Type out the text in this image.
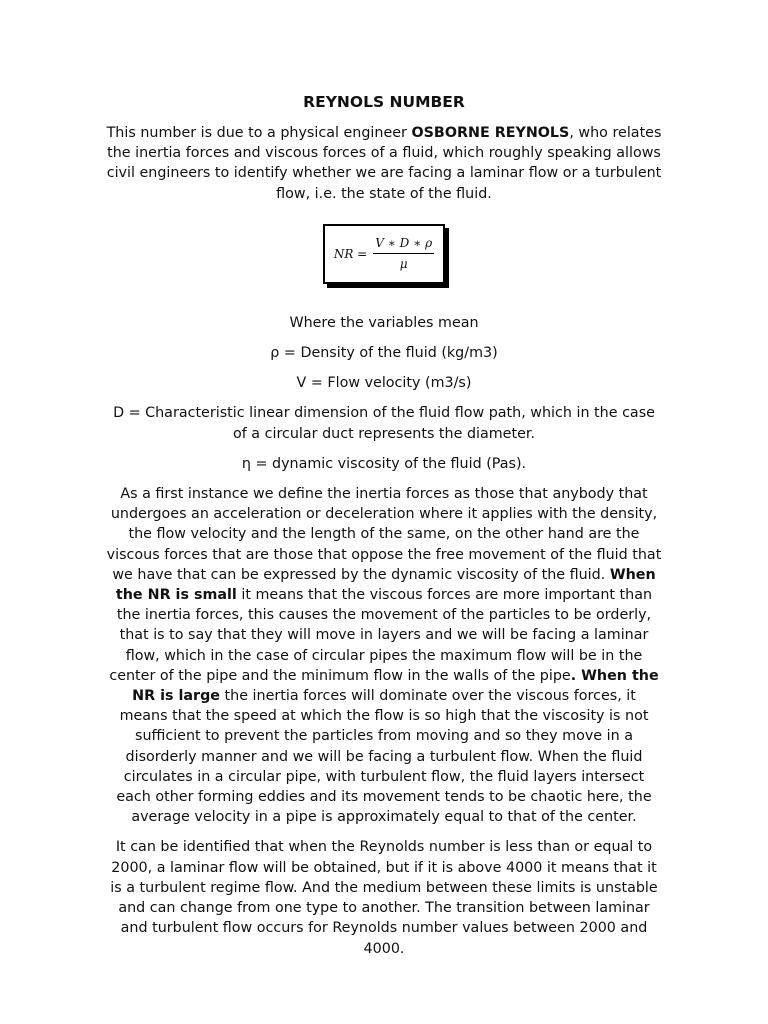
REYNOLS NUMBER

This number is due to a physical engineer OSBORNE REYNOLS, who relates the inertia forces and viscous forces of a fluid, which roughly speaking allows civil engineers to identify whether we are facing a laminar flow or a turbulent flow, i.e. the state of the fluid.

NR = $\frac{V ∗ D ∗ \rho}{\mu}$

Where the variables mean

ρ = Density of the fluid (kg/m3)

V = Flow velocity (m3/s)

D = Characteristic linear dimension of the fluid flow path, which in the case of a circular duct represents the diameter.

η = dynamic viscosity of the fluid (Pas).

As a first instance we define the inertia forces as those that anybody that undergoes an acceleration or deceleration where it applies with the density, the flow velocity and the length of the same, on the other hand are the viscous forces that are those that oppose the free movement of the fluid that we have that can be expressed by the dynamic viscosity of the fluid. When the NR is small it means that the viscous forces are more important than the inertia forces, this causes the movement of the particles to be orderly, that is to say that they will move in layers and we will be facing a laminar flow, which in the case of circular pipes the maximum flow will be in the center of the pipe and the minimum flow in the walls of the pipe. When the NR is large the inertia forces will dominate over the viscous forces, it means that the speed at which the flow is so high that the viscosity is not sufficient to prevent the particles from moving and so they move in a disorderly manner and we will be facing a turbulent flow. When the fluid circulates in a circular pipe, with turbulent flow, the fluid layers intersect each other forming eddies and its movement tends to be chaotic here, the average velocity in a pipe is approximately equal to that of the center.

It can be identified that when the Reynolds number is less than or equal to 2000, a laminar flow will be obtained, but if it is above 4000 it means that it is a turbulent regime flow. And the medium between these limits is unstable and can change from one type to another. The transition between laminar and turbulent flow occurs for Reynolds number values between 2000 and 4000.
